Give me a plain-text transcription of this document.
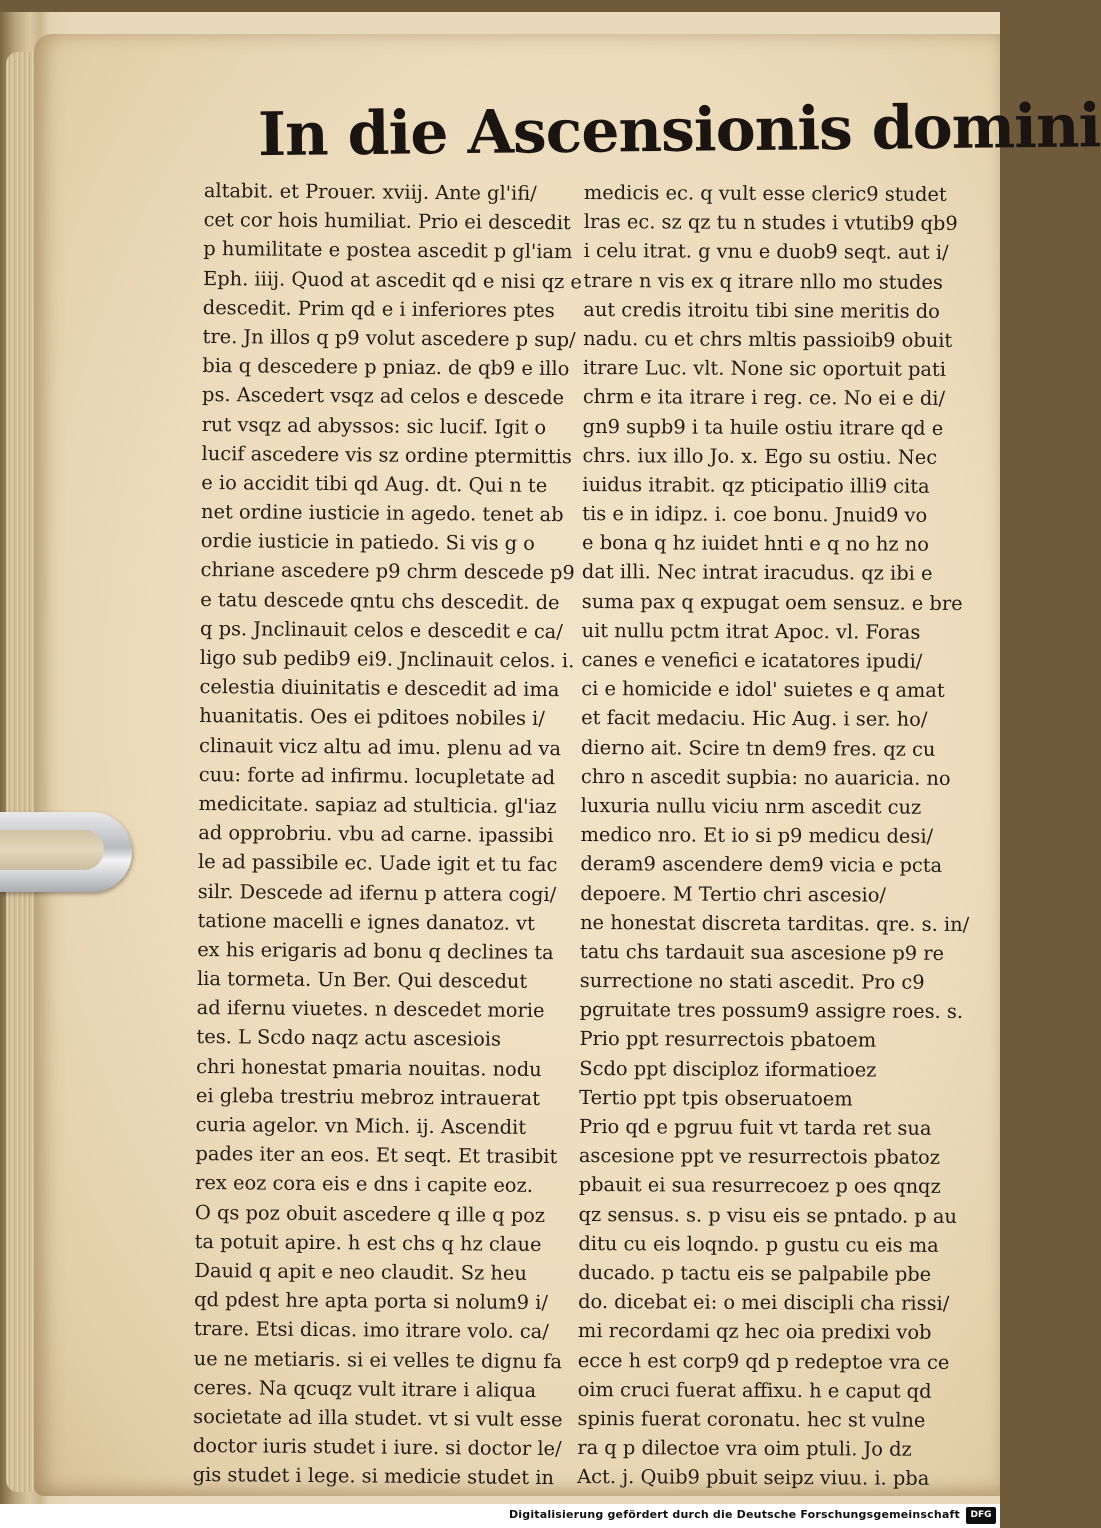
In die Ascensionis domini
altabit. et Prouer. xviij. Ante gl'ifi/
cet cor hois humiliat. Prio ei descedit
p humilitate e postea ascedit p gl'iam
Eph. iiij. Quod at ascedit qd e nisi qz e
descedit. Prim qd e i inferiores ptes
tre. Jn illos q p9 volut ascedere p sup/
bia q descedere p pniaz. de qb9 e illo
ps. Ascedert vsqz ad celos e descede
rut vsqz ad abyssos: sic lucif. Igit o
lucif ascedere vis sz ordine ptermittis
e io accidit tibi qd Aug. dt. Qui n te
net ordine iusticie in agedo. tenet ab
ordie iusticie in patiedo. Si vis g o
chriane ascedere p9 chrm descede p9
e tatu descede qntu chs descedit. de
q ps. Jnclinauit celos e descedit e ca/
ligo sub pedib9 ei9. Jnclinauit celos. i.
celestia diuinitatis e descedit ad ima
huanitatis. Oes ei pditoes nobiles i/
clinauit vicz altu ad imu. plenu ad va
cuu: forte ad infirmu. locupletate ad
medicitate. sapiaz ad stulticia. gl'iaz
ad opprobriu. vbu ad carne. ipassibi
le ad passibile ec. Uade igit et tu fac
silr. Descede ad ifernu p attera cogi/
tatione macelli e ignes danatoz. vt
ex his erigaris ad bonu q declines ta
lia tormeta. Un Ber. Qui descedut
ad ifernu viuetes. n descedet morie
tes. L Scdo naqz actu ascesiois
chri honestat pmaria nouitas. nodu
ei gleba trestriu mebroz intrauerat
curia agelor. vn Mich. ij. Ascendit
pades iter an eos. Et seqt. Et trasibit
rex eoz cora eis e dns i capite eoz.
O qs poz obuit ascedere q ille q poz
ta potuit apire. h est chs q hz claue
Dauid q apit e neo claudit. Sz heu
qd pdest hre apta porta si nolum9 i/
trare. Etsi dicas. imo itrare volo. ca/
ue ne metiaris. si ei velles te dignu fa
ceres. Na qcuqz vult itrare i aliqua
societate ad illa studet. vt si vult esse
doctor iuris studet i iure. si doctor le/
gis studet i lege. si medicie studet in
medicis ec. q vult esse cleric9 studet
lras ec. sz qz tu n studes i vtutib9 qb9
i celu itrat. g vnu e duob9 seqt. aut i/
trare n vis ex q itrare nllo mo studes
aut credis itroitu tibi sine meritis do
nadu. cu et chrs mltis passioib9 obuit
itrare Luc. vlt. None sic oportuit pati
chrm e ita itrare i reg. ce. No ei e di/
gn9 supb9 i ta huile ostiu itrare qd e
chrs. iux illo Jo. x. Ego su ostiu. Nec
iuidus itrabit. qz pticipatio illi9 cita
tis e in idipz. i. coe bonu. Jnuid9 vo
e bona q hz iuidet hnti e q no hz no
dat illi. Nec intrat iracudus. qz ibi e
suma pax q expugat oem sensuz. e bre
uit nullu pctm itrat Apoc. vl. Foras
canes e venefici e icatatores ipudi/
ci e homicide e idol' suietes e q amat
et facit medaciu. Hic Aug. i ser. ho/
dierno ait. Scire tn dem9 fres. qz cu
chro n ascedit supbia: no auaricia. no
luxuria nullu viciu nrm ascedit cuz
medico nro. Et io si p9 medicu desi/
deram9 ascendere dem9 vicia e pcta
depoere. M Tertio chri ascesio/
ne honestat discreta tarditas. qre. s. in/
tatu chs tardauit sua ascesione p9 re
surrectione no stati ascedit. Pro c9
pgruitate tres possum9 assigre roes. s.
Prio ppt resurrectois pbatoem
Scdo ppt disciploz iformatioez
Tertio ppt tpis obseruatoem
Prio qd e pgruu fuit vt tarda ret sua
ascesione ppt ve resurrectois pbatoz
pbauit ei sua resurrecoez p oes qnqz
qz sensus. s. p visu eis se pntado. p au
ditu cu eis loqndo. p gustu cu eis ma
ducado. p tactu eis se palpabile pbe
do. dicebat ei: o mei discipli cha rissi/
mi recordami qz hec oia predixi vob
ecce h est corp9 qd p redeptoe vra ce
oim cruci fuerat affixu. h e caput qd
spinis fuerat coronatu. hec st vulne
ra q p dilectoe vra oim ptuli. Jo dz
Act. j. Quib9 pbuit seipz viuu. i. pba
Digitalisierung gefördert durch die Deutsche Forschungsgemeinschaft	DFG
